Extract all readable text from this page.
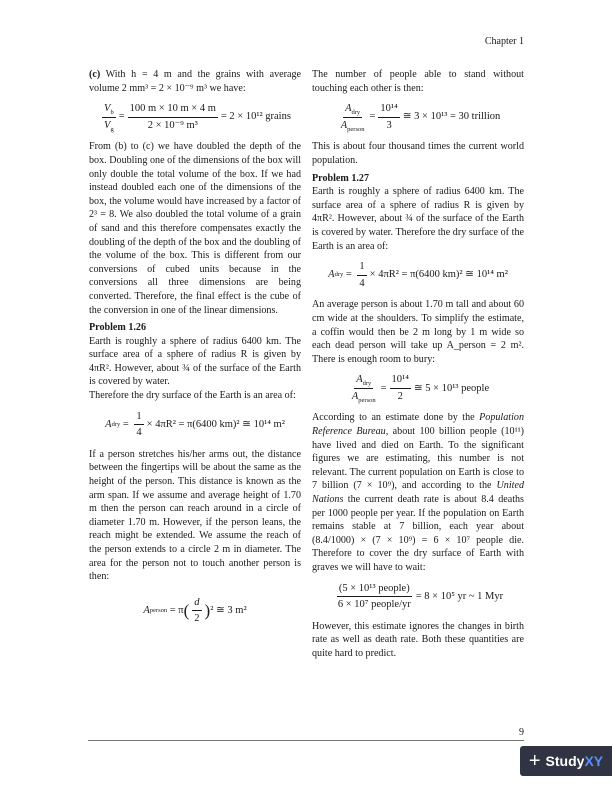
Chapter 1

(c) With h = 4 m and the grains with average volume 2 mm³ = 2 × 10⁻⁹ m³ we have:

$\frac{V_b}{V_g} = \frac{100 m \times 10 m \times 4 m}{\text{2 × 10⁻⁹ m³}} = 2 \times 10^{12}$ grains

From (b) to (c) we have doubled the depth of the box. Doubling one of the dimensions of the box will only double the total volume of the box. If we had instead doubled each one of the dimensions of the box, the volume would have increased by a factor of 2³ = 8. We also doubled the total volume of a grain of sand and this therefore compensates exactly the doubling of the depth of the box and the doubling of the volume of the box. This is different from our conversions of cubed units because in the conversions all three dimensions are being converted. Therefore, the final effect is the cube of the conversion in one of the linear dimensions.

Problem 1.26

Earth is roughly a sphere of radius 6400 km. The surface area of a sphere of radius R is given by 4πR². However, about ¾ of the surface of the Earth is covered by water.

Therefore the dry surface of the Earth is an area of:

A dry = $\frac{1}{4} \times 4\pi R^2 = \pi(6400$ km)² ≅ 10¹⁴ m²

If a person stretches his/her arms out, the distance between the fingertips will be about the same as the height of the person. This distance is known as the arm span. If we assume and average height of 1.70 m then the person can reach around in a circle of diameter 1.70 m. However, if the person leans, the reach might be extended. We assume the reach of the person extends to a circle 2 m in diameter. The area for the person not to touch another person is then:

A person
= π ( $\frac{d}{2}$ ) ² ≅ 3 m²

The number of people able to stand without touching each other is then:

$\frac{A_{dry}}{A_{person}} = \frac{\text{10¹⁴}}{3}$ ≅ 3 × 10¹³ = 30 trillion

This is about four thousand times the current world population.

Problem 1.27

Earth is roughly a sphere of radius 6400 km. The surface area of a sphere of radius R is given by 4πR². However, about ¾ of the surface of the Earth is covered by water. Therefore the dry surface of the Earth is an area of:

A dry = $\frac{1}{4} \times 4\pi R^2 = \pi(6400$ km)² ≅ 10¹⁴ m²

An average person is about 1.70 m tall and about 60 cm wide at the shoulders. To simplify the estimate, a coffin would then be 2 m long by 1 m wide so each dead person will take up A_person = 2 m². There is enough room to bury:

$\frac{A_{dry}}{A_{person}} = \frac{\text{10¹⁴}}{2}$ ≅ 5 × 10¹³ people

According to an estimate done by the Population Reference Bureau, about 100 billion people (10¹¹) have lived and died on Earth. To the significant figures we are estimating, this number is not relevant. The current population on Earth is close to 7 billion (7 × 10⁹), and according to the United Nations the current death rate is about 8.4 deaths per 1000 people per year. If the population on Earth remains stable at 7 billion, each year about (8.4/1000) × (7 × 10⁹) = 6 × 10⁷ people die. Therefore to cover the dry surface of Earth with graves we will have to wait:

$\frac{\text{(5 × 10¹³ people)}}{\text{6 × 10⁷ people/yr}} = 8 \times 10^5$ yr ~ 1 Myr

However, this estimate ignores the changes in birth rate as well as death rate. Both these quantities are quite hard to predict.

9
+ Study XY
